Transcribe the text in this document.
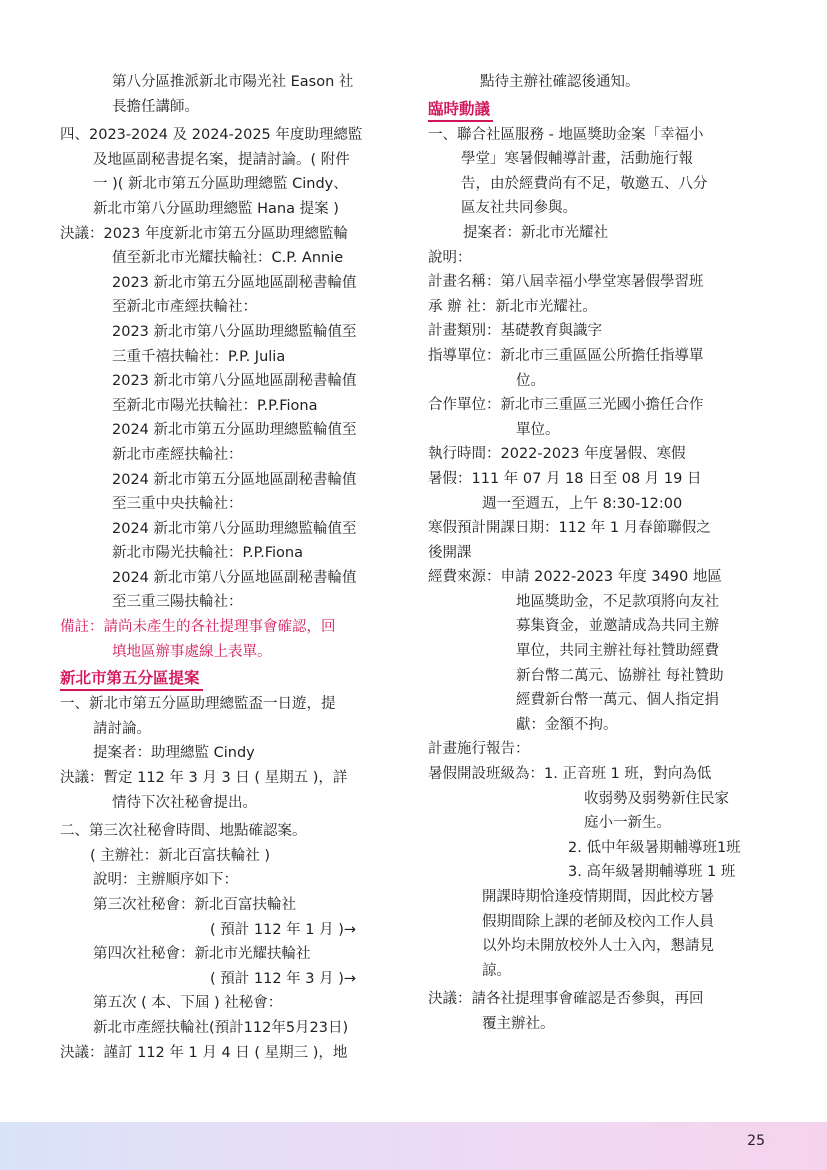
第八分區推派新北市陽光社 Eason 社
長擔任講師。
四、2023-2024 及 2024-2025 年度助理總監
及地區副秘書提名案，提請討論。( 附件
一 )( 新北市第五分區助理總監 Cindy、
新北市第八分區助理總監 Hana 提案 )
決議：2023 年度新北市第五分區助理總監輪
值至新北市光耀扶輪社：C.P. Annie
2023 新北市第五分區地區副秘書輪值
至新北市產經扶輪社：
2023 新北市第八分區助理總監輪值至
三重千禧扶輪社：P.P. Julia
2023 新北市第八分區地區副秘書輪值
至新北市陽光扶輪社：P.P.Fiona
2024 新北市第五分區助理總監輪值至
新北市產經扶輪社：
2024 新北市第五分區地區副秘書輪值
至三重中央扶輪社：
2024 新北市第八分區助理總監輪值至
新北市陽光扶輪社：P.P.Fiona
2024 新北市第八分區地區副秘書輪值
至三重三陽扶輪社：
備註：請尚未產生的各社提理事會確認，回
填地區辦事處線上表單。
新北市第五分區提案
一、新北市第五分區助理總監盃一日遊，提
請討論。
提案者：助理總監 Cindy
決議：暫定 112 年 3 月 3 日 ( 星期五 )，詳
情待下次社秘會提出。
二、第三次社秘會時間、地點確認案。
( 主辦社：新北百富扶輪社 )
說明：主辦順序如下：
第三次社秘會：新北百富扶輪社
( 預計 112 年 1 月 )→
第四次社秘會：新北市光耀扶輪社
( 預計 112 年 3 月 )→
第五次 ( 本、下屆 ) 社秘會：
新北市產經扶輪社(預計112年5月23日)
決議：謹訂 112 年 1 月 4 日 ( 星期三 )，地
點待主辦社確認後通知。
臨時動議
一、聯合社區服務 - 地區獎助金案「幸福小
學堂」寒暑假輔導計畫，活動施行報
告，由於經費尚有不足，敬邀五、八分
區友社共同參與。
提案者：新北市光耀社
說明：
計畫名稱：第八屆幸福小學堂寒暑假學習班
承 辦 社：新北市光耀社。
計畫類別：基礎教育與識字
指導單位：新北市三重區區公所擔任指導單
位。
合作單位：新北市三重區三光國小擔任合作
單位。
執行時間：2022-2023 年度暑假、寒假
暑假：111 年 07 月 18 日至 08 月 19 日
週一至週五，上午 8:30-12:00
寒假預計開課日期：112 年 1 月春節聯假之
後開課
經費來源：申請 2022-2023 年度 3490 地區
地區獎助金，不足款項將向友社
募集資金，並邀請成為共同主辦
單位，共同主辦社每社贊助經費
新台幣二萬元、協辦社 每社贊助
經費新台幣一萬元、個人指定捐
獻：金額不拘。
計畫施行報告：
暑假開設班級為：1. 正音班 1 班，對向為低
收弱勢及弱勢新住民家
庭小一新生。
2. 低中年級暑期輔導班1班
3. 高年級暑期輔導班 1 班
開課時期恰逢疫情期間，因此校方暑
假期間除上課的老師及校內工作人員
以外均未開放校外人士入內，懇請見
諒。
決議：請各社提理事會確認是否參與，再回
覆主辦社。
25
